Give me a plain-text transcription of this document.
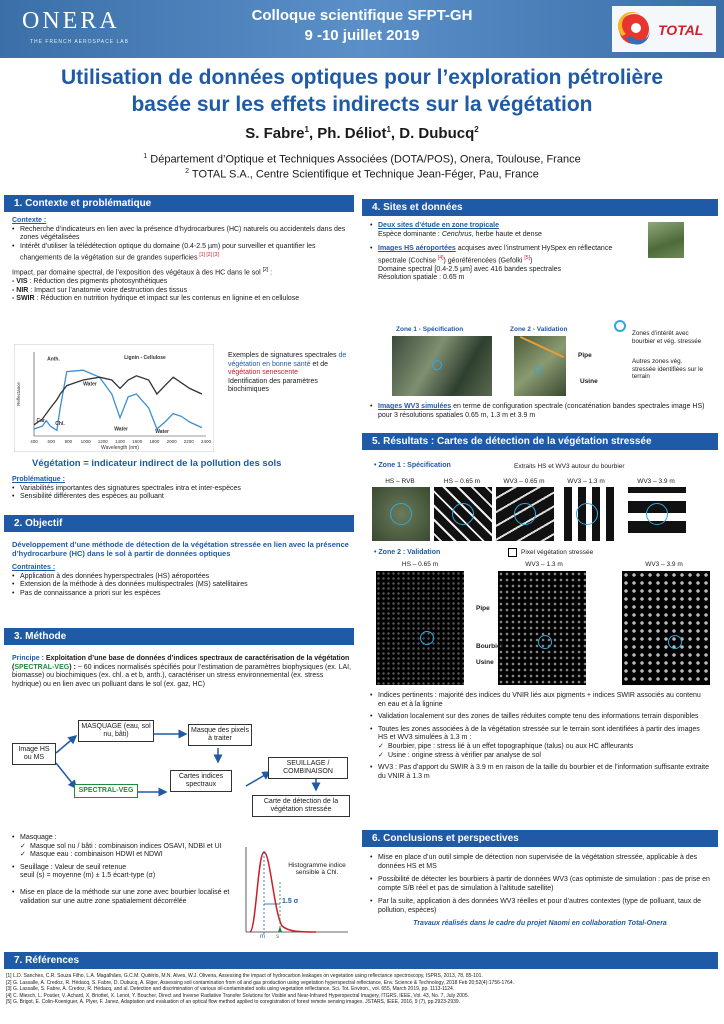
ONERA
THE FRENCH AEROSPACE LAB
Colloque scientifique SFPT-GH
9 -10 juillet 2019	TOTAL
Utilisation de données optiques pour l’exploration pétrolière
basée sur les effets indirects sur la végétation
S. Fabre$^1$, Ph. Déliot$^1$, D. Dubucq$^2$
$^1$ Département d’Optique et Techniques Associées (DOTA/POS), Onera, Toulouse, France
$^2$ TOTAL S.A., Centre Scientifique et Technique Jean-Féger, Pau, France
1. Contexte et problématique
Contexte :
• Recherche d’indicateurs en lien avec la présence d’hydrocarbures (HC) naturels ou accidentels dans des zones végétalisées
• Intérêt d’utiliser la télédétection optique du domaine (0.4-2.5 µm) pour surveiller et quantifier les changements de la végétation sur de grandes superficies [1] [2] [3]
Impact, par domaine spectral, de l’exposition des végétaux à des HC dans le sol [2] :
- VIS : Réduction des pigments photosynthétiques
- NIR : Impact sur l’anatomie voire destruction des tissus
- SWIR : Réduction en nutrition hydrique et impact sur les contenus en lignine et en cellulose
400 600 800 1000 1200 1400 1600 1800 2000 2200 2400
Wavelength (nm)
Reflectance
Anth.
Car. Chl.
Water
Water	Water
Lignin - Cellulose	Exemples de signatures spectrales de végétation en bonne santé et de végétation senescente
Identification des paramètres biochimiques
Végétation = indicateur indirect de la pollution des sols
Problématique :
• Variabilités importantes des signatures spectrales intra et inter-espèces
• Sensibilité différentes des espèces au polluant
2. Objectif
Développement d’une méthode de détection de la végétation stressée en lien avec la présence d’hydrocarbure (HC) dans le sol à partir de données optiques
Contraintes :
• Application à des données hyperspectrales (HS) aéroportées
• Extension de la méthode à des données multispectrales (MS) satellitaires
• Pas de connaissance a priori sur les espèces
3. Méthode
Principe : Exploitation d’une base de données d’indices spectraux de caractérisation de la végétation (SPECTRAL-VEG) : ~ 60 indices normalisés spécifiés pour l’estimation de paramètres biophysiques (ex. LAI, biomasse) ou biochimiques (ex. chl. a et b, anth.), caractériser un stress environnemental (ex. stress hydrique) ou en lien avec un polluant dans le sol (ex. gaz, HC)
Image HS ou MS
MASQUAGE (eau, sol nu, bâti)
Masque des pixels à traiter
SPECTRAL-VEG
Cartes indices spectraux
SEUILLAGE / COMBINAISON
Carte de détection de la végétation stressée
• Masquage :
✓ Masque sol nu / bâti : combinaison indices OSAVI, NDBI et UI
✓ Masque eau : combinaison HDWI et NDWI
• Seuillage : Valeur de seuil retenue
seuil (s) = moyenne (m) ± 1.5 écart-type (σ)
• Mise en place de la méthode sur une zone avec bourbier localisé et validation sur une autre zone spatialement décorrélée
Histogramme indice sensible à Chl.
1.5 σ
m s
4. Sites et données
• Deux sites d’étude en zone tropicale
Espèce dominante : Cenchrus, herbe haute et dense
• Images HS aéroportées acquises avec l’instrument HySpex en réflectance spectrale (Cochise [4]) géoréférencées (Gefolki [5])
Domaine spectral [0.4-2.5 µm] avec 416 bandes spectrales
Résolution spatiale : 0.65 m
Zone 1 - Spécification	Zone 2 - Validation
Pipe
Usine
Zones d’intérêt avec bourbier et vég. stressée
Autres zones vég. stressée identifiées sur le terrain
• Images WV3 simulées en terme de configuration spectrale (concaténation bandes spectrales image HS) pour 3 résolutions spatiales 0.65 m, 1.3 m et 3.9 m
5. Résultats : Cartes de détection de la végétation stressée
• Zone 1 : Spécification	Extraits HS et WV3 autour du bourbier
HS – RVB	HS – 0.65 m	WV3 – 0.65 m	WV3 – 1.3 m	WV3 – 3.9 m
• Zone 2 : Validation	Pixel végétation stressée
HS – 0.65 m	WV3 – 1.3 m	WV3 – 3.9 m
Pipe
Bourbier
Usine
• Indices pertinents : majorité des indices du VNIR liés aux pigments + indices SWIR associés au contenu en eau et à la lignine
• Validation localement sur des zones de tailles réduites compte tenu des informations terrain disponibles
• Toutes les zones associées à de la végétation stressée sur le terrain sont identifiées à partir des images HS et WV3 simulées à 1.3 m :
✓ Bourbier, pipe : stress lié à un effet topographique (talus) ou aux HC affleurants
✓ Usine : origine stress à vérifier par analyse de sol
• WV3 : Pas d’apport du SWIR à 3.9 m en raison de la taille du bourbier et de l’information suffisante extraite du VNIR à 1.3 m
6. Conclusions et perspectives
• Mise en place d’un outil simple de détection non supervisée de la végétation stressée, applicable à des données HS et MS
• Possibilité de détecter les bourbiers à partir de données WV3 (cas optimiste de simulation : pas de prise en compte S/B réel et pas de simulation à l’altitude satellite)
• Par la suite, application à des données WV3 réelles et pour d’autres contextes (type de polluant, taux de pollution, espèces)
Travaux réalisés dans le cadre du projet Naomi en collaboration Total-Onera
7. Références
[1] L.D. Sanches, C.R. Souza Filho, L.A. Magalhães, G.C.M. Quitério, M.N. Alves, W.J. Oliveira, Assessing the impact of hydrocarbon leakages on vegetation using reflectance spectroscopy, ISPRS, 2013, 78, 85-101.
[2] G. Lassalle, A. Credoz, R. Hédacq, S. Fabre, D. Dubucq, A. Elger, Assessing soil contamination from oil and gas production using vegetation hyperspectral reflectance, Env. Science & Technology, 2018 Feb 20;52(4):1756-1764.
[3] G. Lassalle, S. Fabre, A. Credoz, R. Hédacq, and al. Detection and discrimination of various oil-contaminated soils using vegetation reflectance. Sci. Tot. Environ., vol. 655, March 2019, pp. 1113-1124.
[4] C. Miesch, L. Poutier, V. Achard, X. Briottet, X. Lenot, Y. Boucher, Direct and Inverse Radiative Transfer Solutions for Visible and Near-Infrared Hyperspectral Imagery, ITGRS, IEEE, Vol. 43, No. 7, July 2005.
[5] G. Brigot, E. Colin-Koeniguer, A. Plyer, F. Janez, Adaptation and evaluation of an optical flow method applied to coregistration of forest remote sensing images. JSTARS, IEEE, 2016, 9 (7), pp.2923-2939.
